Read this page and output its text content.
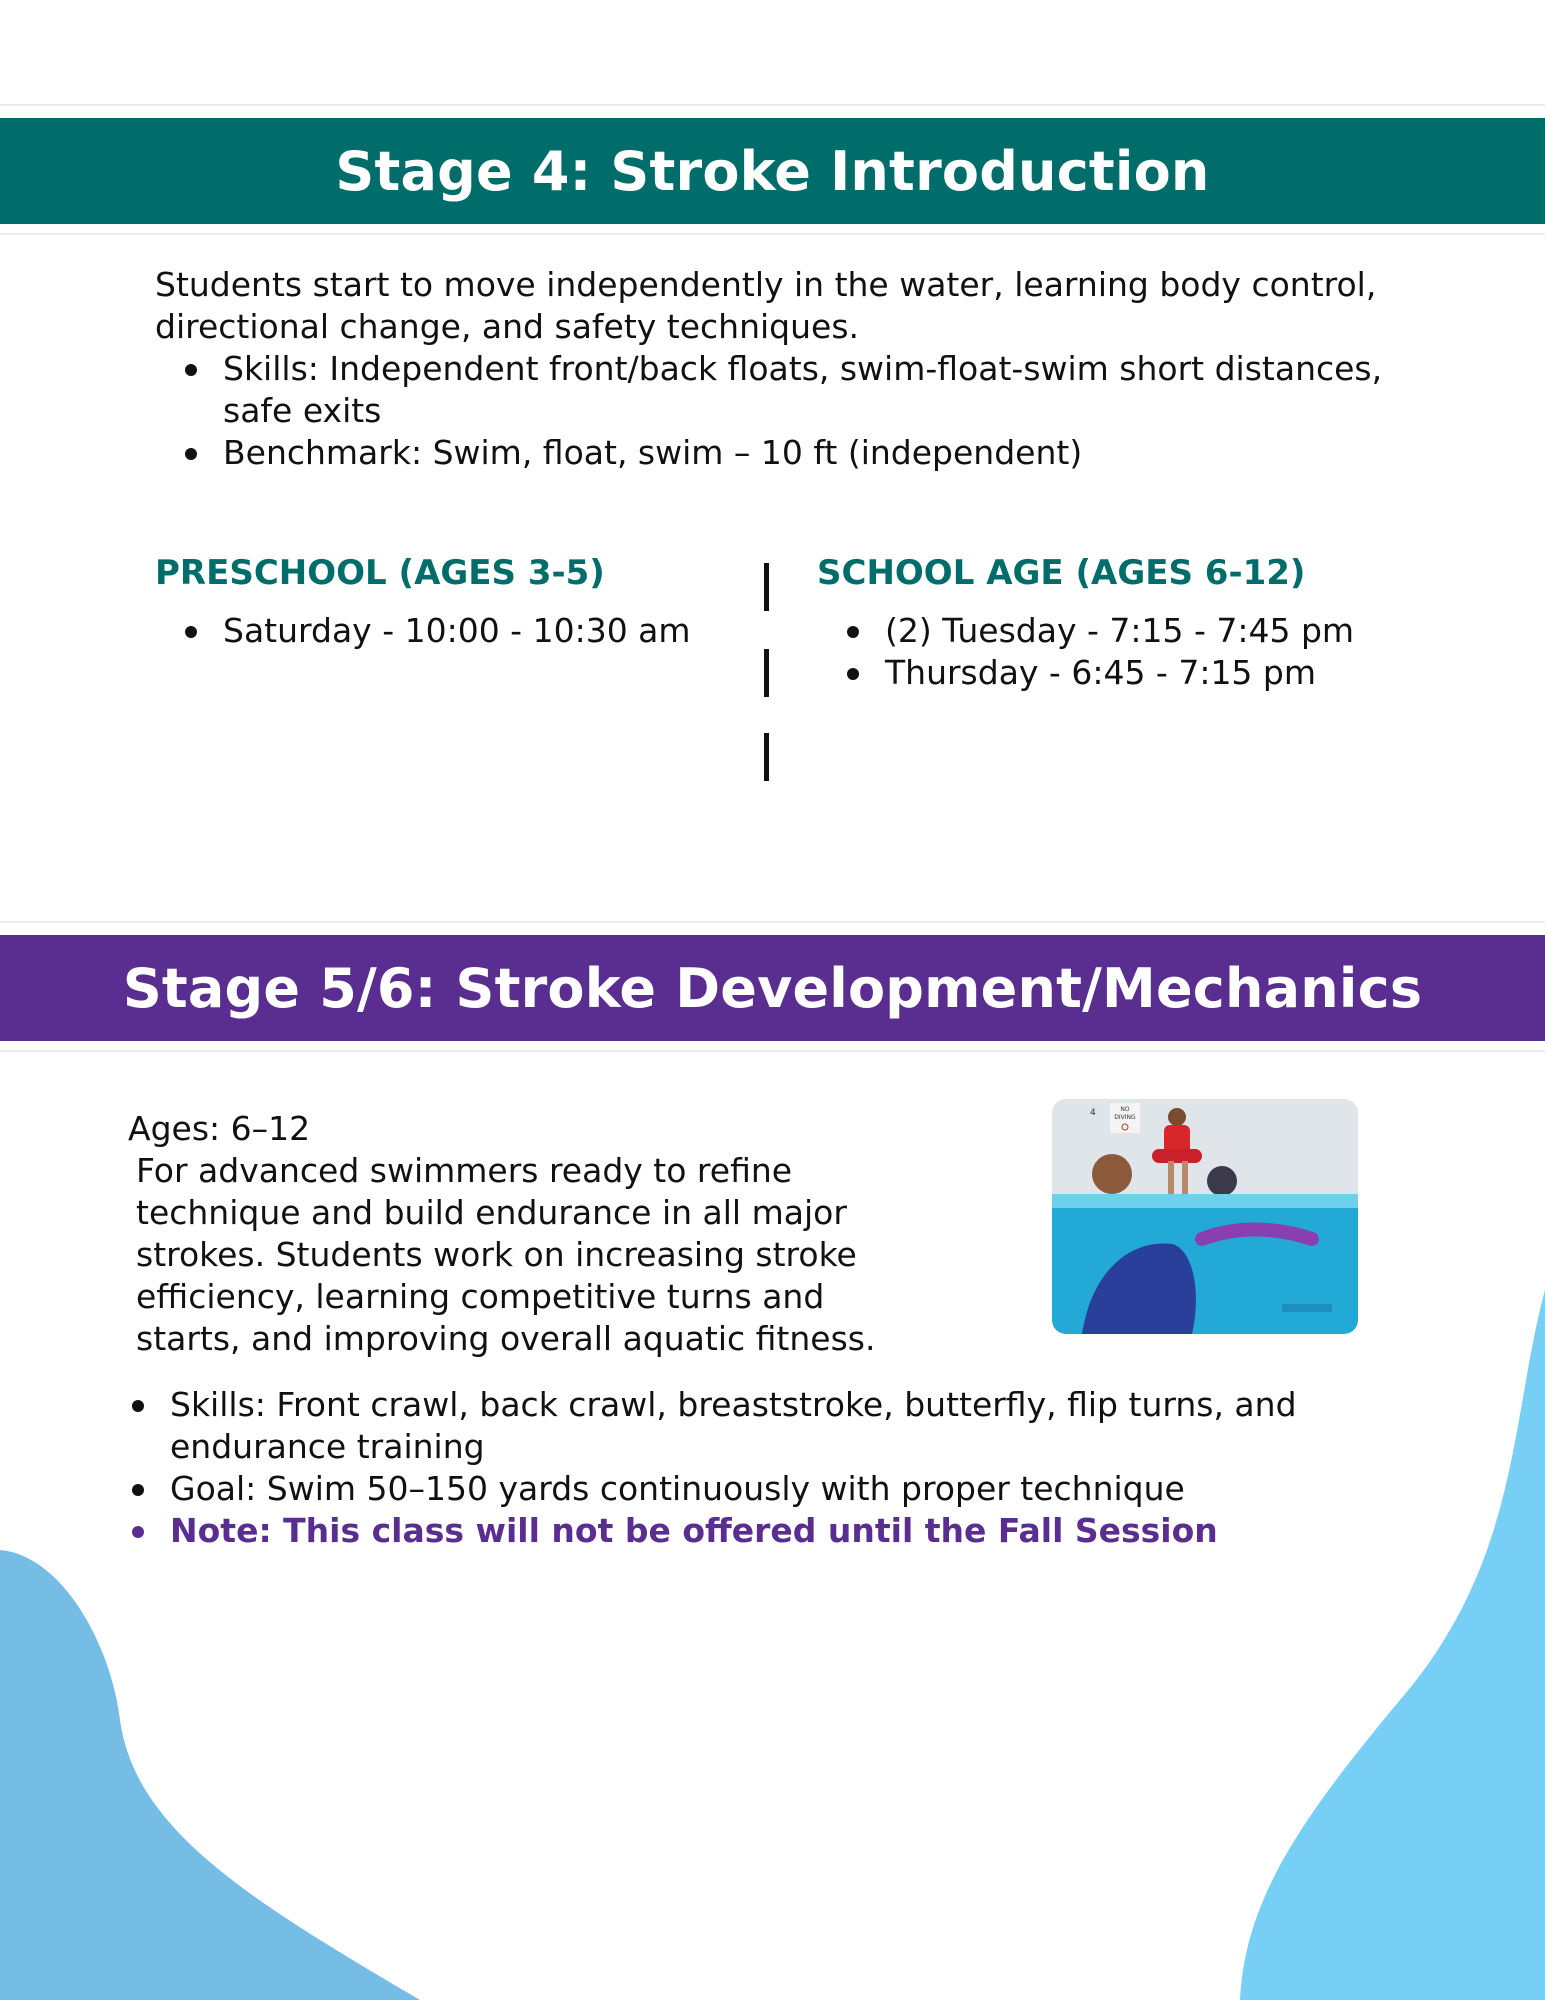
Stage 4: Stroke Introduction
Students start to move independently in the water, learning body control, directional change, and safety techniques.
Skills: Independent front/back floats, swim-float-swim short distances, safe exits
Benchmark: Swim, float, swim – 10 ft (independent)
PRESCHOOL (AGES 3-5)
Saturday - 10:00 - 10:30 am
SCHOOL AGE (AGES 6-12)
(2) Tuesday - 7:15 - 7:45 pm
Thursday - 6:45 - 7:15 pm
Stage 5/6: Stroke Development/Mechanics
Ages: 6–12
For advanced swimmers ready to refine technique and build endurance in all major strokes. Students work on increasing stroke efficiency, learning competitive turns and starts, and improving overall aquatic fitness.
NO
DIVING
4
Skills: Front crawl, back crawl, breaststroke, butterfly, flip turns, and endurance training
Goal: Swim 50–150 yards continuously with proper technique
Note: This class will not be offered until the Fall Session
